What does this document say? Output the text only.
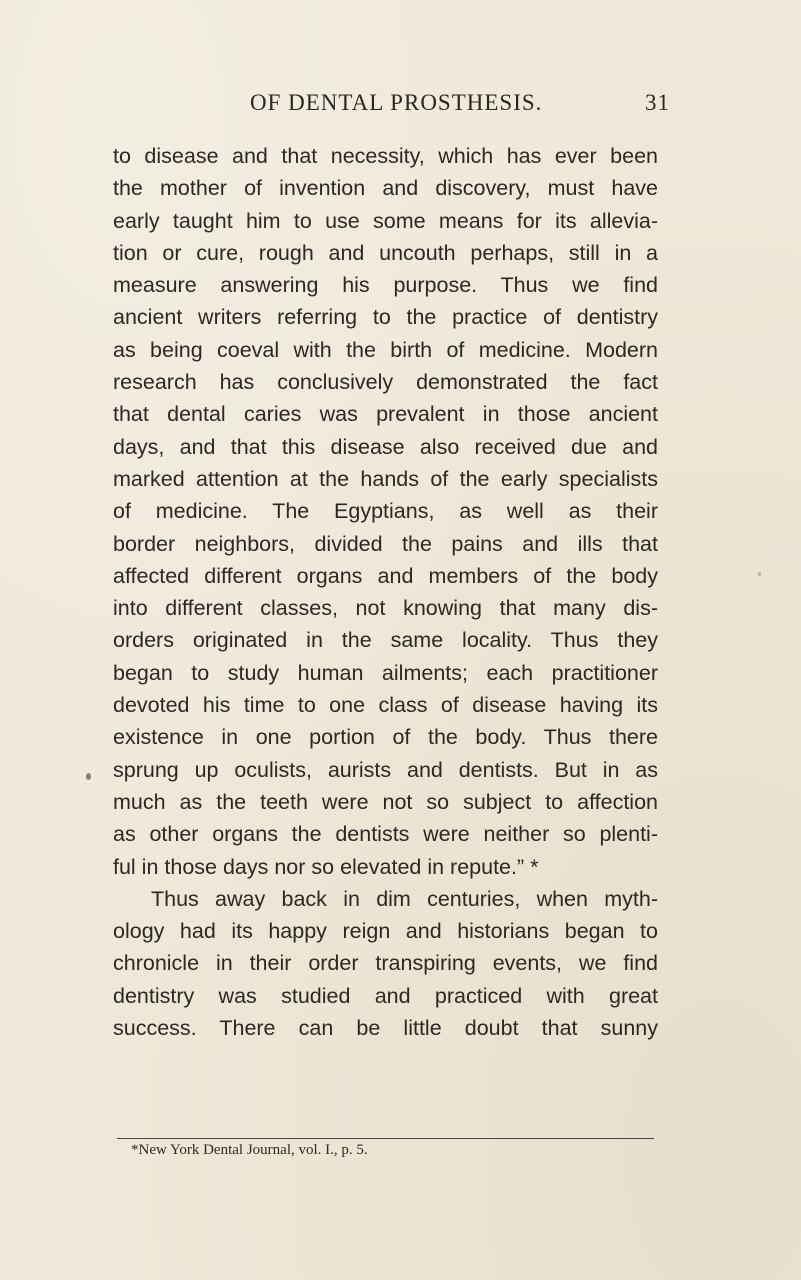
OF DENTAL PROSTHESIS.	31
to disease and that necessity, which has ever been
the mother of invention and discovery, must have
early taught him to use some means for its allevia-
tion or cure, rough and uncouth perhaps, still in a
measure answering his purpose. Thus we find
ancient writers referring to the practice of dentistry
as being coeval with the birth of medicine. Modern
research has conclusively demonstrated the fact
that dental caries was prevalent in those ancient
days, and that this disease also received due and
marked attention at the hands of the early specialists
of medicine. The Egyptians, as well as their
border neighbors, divided the pains and ills that
affected different organs and members of the body
into different classes, not knowing that many dis-
orders originated in the same locality. Thus they
began to study human ailments; each practitioner
devoted his time to one class of disease having its
existence in one portion of the body. Thus there
sprung up oculists, aurists and dentists. But in as
much as the teeth were not so subject to affection
as other organs the dentists were neither so plenti-
ful in those days nor so elevated in repute.” *
Thus away back in dim centuries, when myth-
ology had its happy reign and historians began to
chronicle in their order transpiring events, we find
dentistry was studied and practiced with great
success. There can be little doubt that sunny
*New York Dental Journal, vol. I., p. 5.
